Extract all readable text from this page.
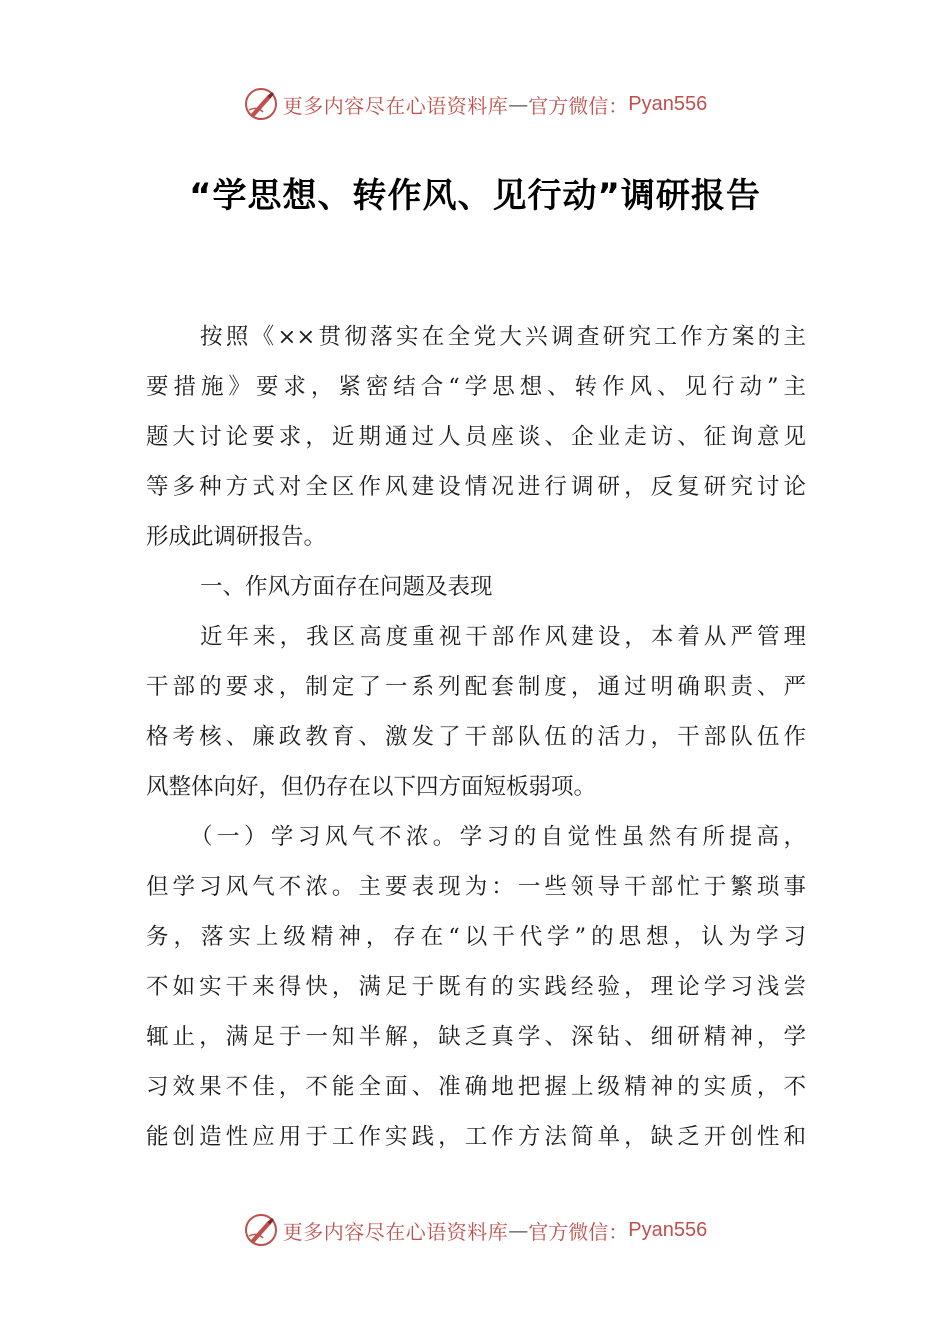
更多内容尽在心语资料库 — 官方微信： Pyan556
“学思想、转作风、见行动”调研报告
按照《××贯彻落实在全党大兴调查研究工作方案的主
要措施》要求，紧密结合“学思想、转作风、见行动”主
题大讨论要求，近期通过人员座谈、企业走访、征询意见
等多种方式对全区作风建设情况进行调研，反复研究讨论
形成此调研报告。
一、作风方面存在问题及表现
近年来，我区高度重视干部作风建设，本着从严管理
干部的要求，制定了一系列配套制度，通过明确职责、严
格考核、廉政教育、激发了干部队伍的活力，干部队伍作
风整体向好，但仍存在以下四方面短板弱项。
（一）学习风气不浓。学习的自觉性虽然有所提高，
但学习风气不浓。主要表现为：一些领导干部忙于繁琐事
务，落实上级精神，存在“以干代学”的思想，认为学习
不如实干来得快，满足于既有的实践经验，理论学习浅尝
辄止，满足于一知半解，缺乏真学、深钻、细研精神，学
习效果不佳，不能全面、准确地把握上级精神的实质，不
能创造性应用于工作实践，工作方法简单，缺乏开创性和
更多内容尽在心语资料库 — 官方微信： Pyan556
